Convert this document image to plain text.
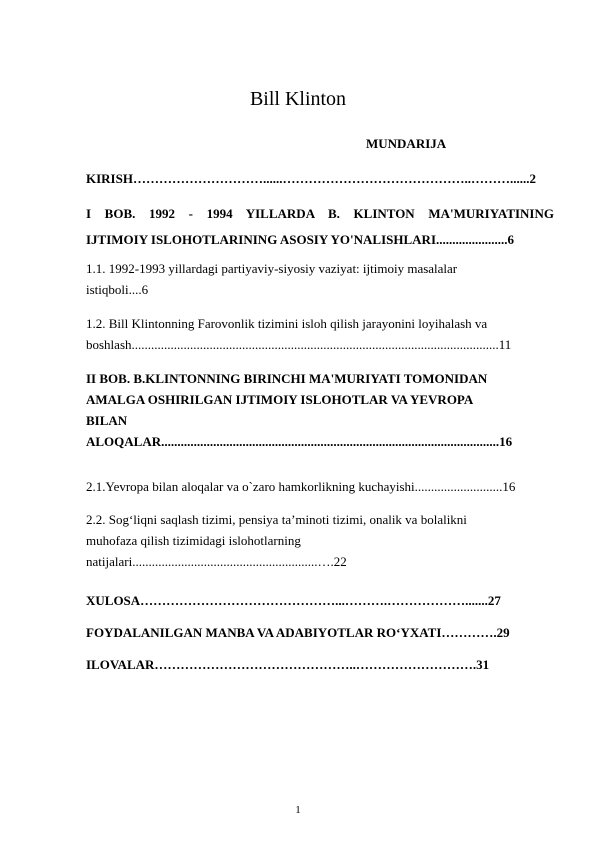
Bill Klinton
MUNDARIJA
KIRISH…………………………......……………………………………..………......2
I BOB. 1992 - 1994 YILLARDA B. KLINTON MA'MURIYATINING
IJTIMOIY ISLOHOTLARINING ASOSIY YO'NALISHLARI......................6
1.1. 1992-1993 yillardagi partiyaviy-siyosiy vaziyat: ijtimoiy masalalar
istiqboli....6
1.2. Bill Klintonning Farovonlik tizimini isloh qilish jarayonini loyihalash va
boshlash.................................................................................................................11
II BOB. B.KLINTONNING BIRINCHI MA'MURIYATI TOMONIDAN
AMALGA OSHIRILGAN IJTIMOIY ISLOHOTLAR VA YEVROPA
BILAN
ALOQALAR........................................................................................................16
2.1.Yevropa bilan aloqalar va o`zaro hamkorlikning kuchayishi...........................16
2.2. Sog‘liqni saqlash tizimi, pensiya ta’minoti tizimi, onalik va bolalikni
muhofaza qilish tizimidagi islohotlarning
natijalari.........................................................….22
XULOSA………………………………………...……….……………….......27
FOYDALANILGAN MANBA VA ADABIYOTLAR RO‘YXATI………….29
ILOVALAR………………………………………..……………………….31
1
